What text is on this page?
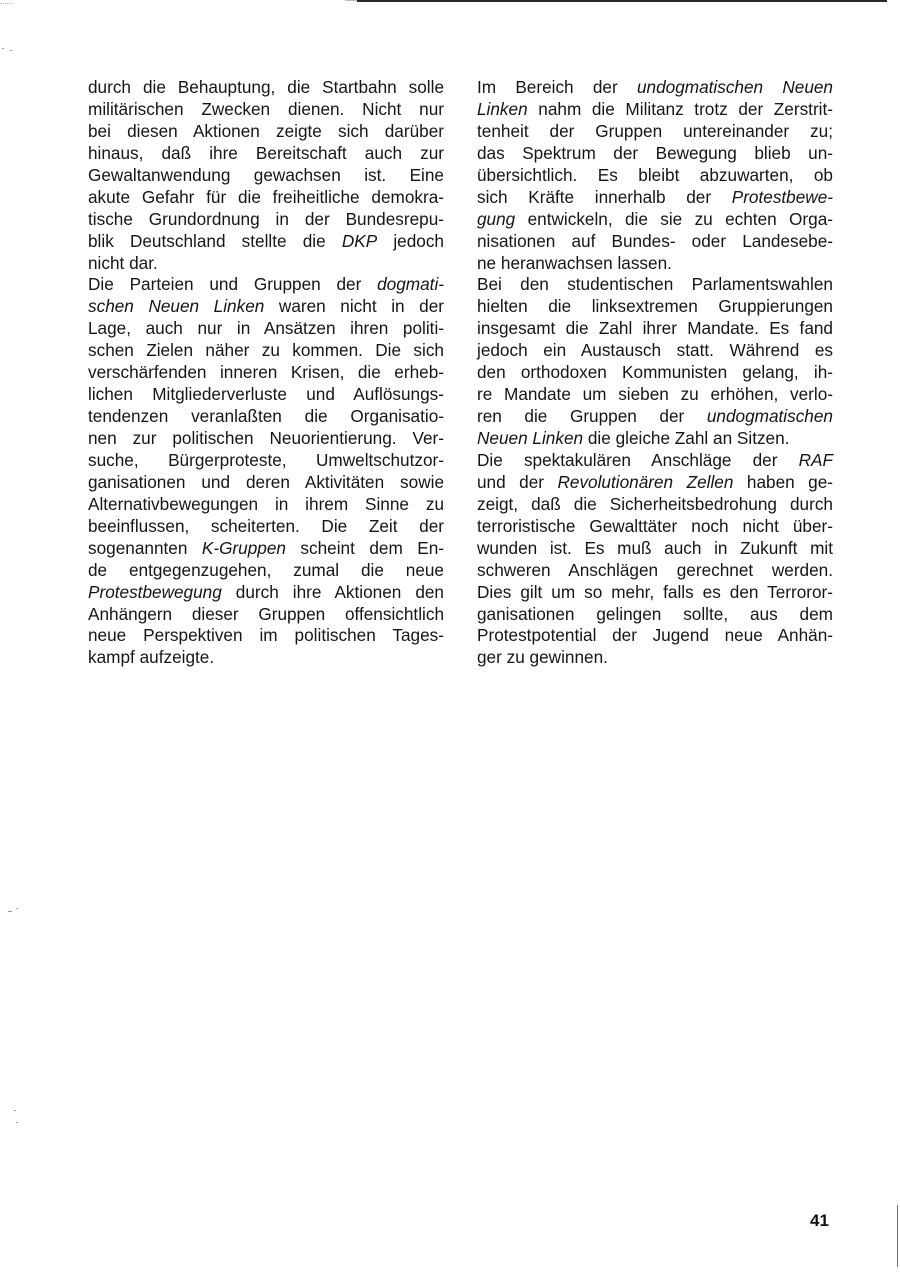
durch die Behauptung, die Startbahn solle
militärischen Zwecken dienen. Nicht nur
bei diesen Aktionen zeigte sich darüber
hinaus, daß ihre Bereitschaft auch zur
Gewaltanwendung gewachsen ist. Eine
akute Gefahr für die freiheitliche demokra-
tische Grundordnung in der Bundesrepu-
blik Deutschland stellte die DKP jedoch
nicht dar.
Die Parteien und Gruppen der dogmati-
schen Neuen Linken waren nicht in der
Lage, auch nur in Ansätzen ihren politi-
schen Zielen näher zu kommen. Die sich
verschärfenden inneren Krisen, die erheb-
lichen Mitgliederverluste und Auflösungs-
tendenzen veranlaßten die Organisatio-
nen zur politischen Neuorientierung. Ver-
suche, Bürgerproteste, Umweltschutzor-
ganisationen und deren Aktivitäten sowie
Alternativbewegungen in ihrem Sinne zu
beeinflussen, scheiterten. Die Zeit der
sogenannten K-Gruppen scheint dem En-
de entgegenzugehen, zumal die neue
Protestbewegung durch ihre Aktionen den
Anhängern dieser Gruppen offensichtlich
neue Perspektiven im politischen Tages-
kampf aufzeigte.
Im Bereich der undogmatischen Neuen
Linken nahm die Militanz trotz der Zerstrit-
tenheit der Gruppen untereinander zu;
das Spektrum der Bewegung blieb un-
übersichtlich. Es bleibt abzuwarten, ob
sich Kräfte innerhalb der Protestbewe-
gung entwickeln, die sie zu echten Orga-
nisationen auf Bundes- oder Landesebe-
ne heranwachsen lassen.
Bei den studentischen Parlamentswahlen
hielten die linksextremen Gruppierungen
insgesamt die Zahl ihrer Mandate. Es fand
jedoch ein Austausch statt. Während es
den orthodoxen Kommunisten gelang, ih-
re Mandate um sieben zu erhöhen, verlo-
ren die Gruppen der undogmatischen
Neuen Linken die gleiche Zahl an Sitzen.
Die spektakulären Anschläge der RAF
und der Revolutionären Zellen haben ge-
zeigt, daß die Sicherheitsbedrohung durch
terroristische Gewalttäter noch nicht über-
wunden ist. Es muß auch in Zukunft mit
schweren Anschlägen gerechnet werden.
Dies gilt um so mehr, falls es den Terroror-
ganisationen gelingen sollte, aus dem
Protestpotential der Jugend neue Anhän-
ger zu gewinnen.
41
